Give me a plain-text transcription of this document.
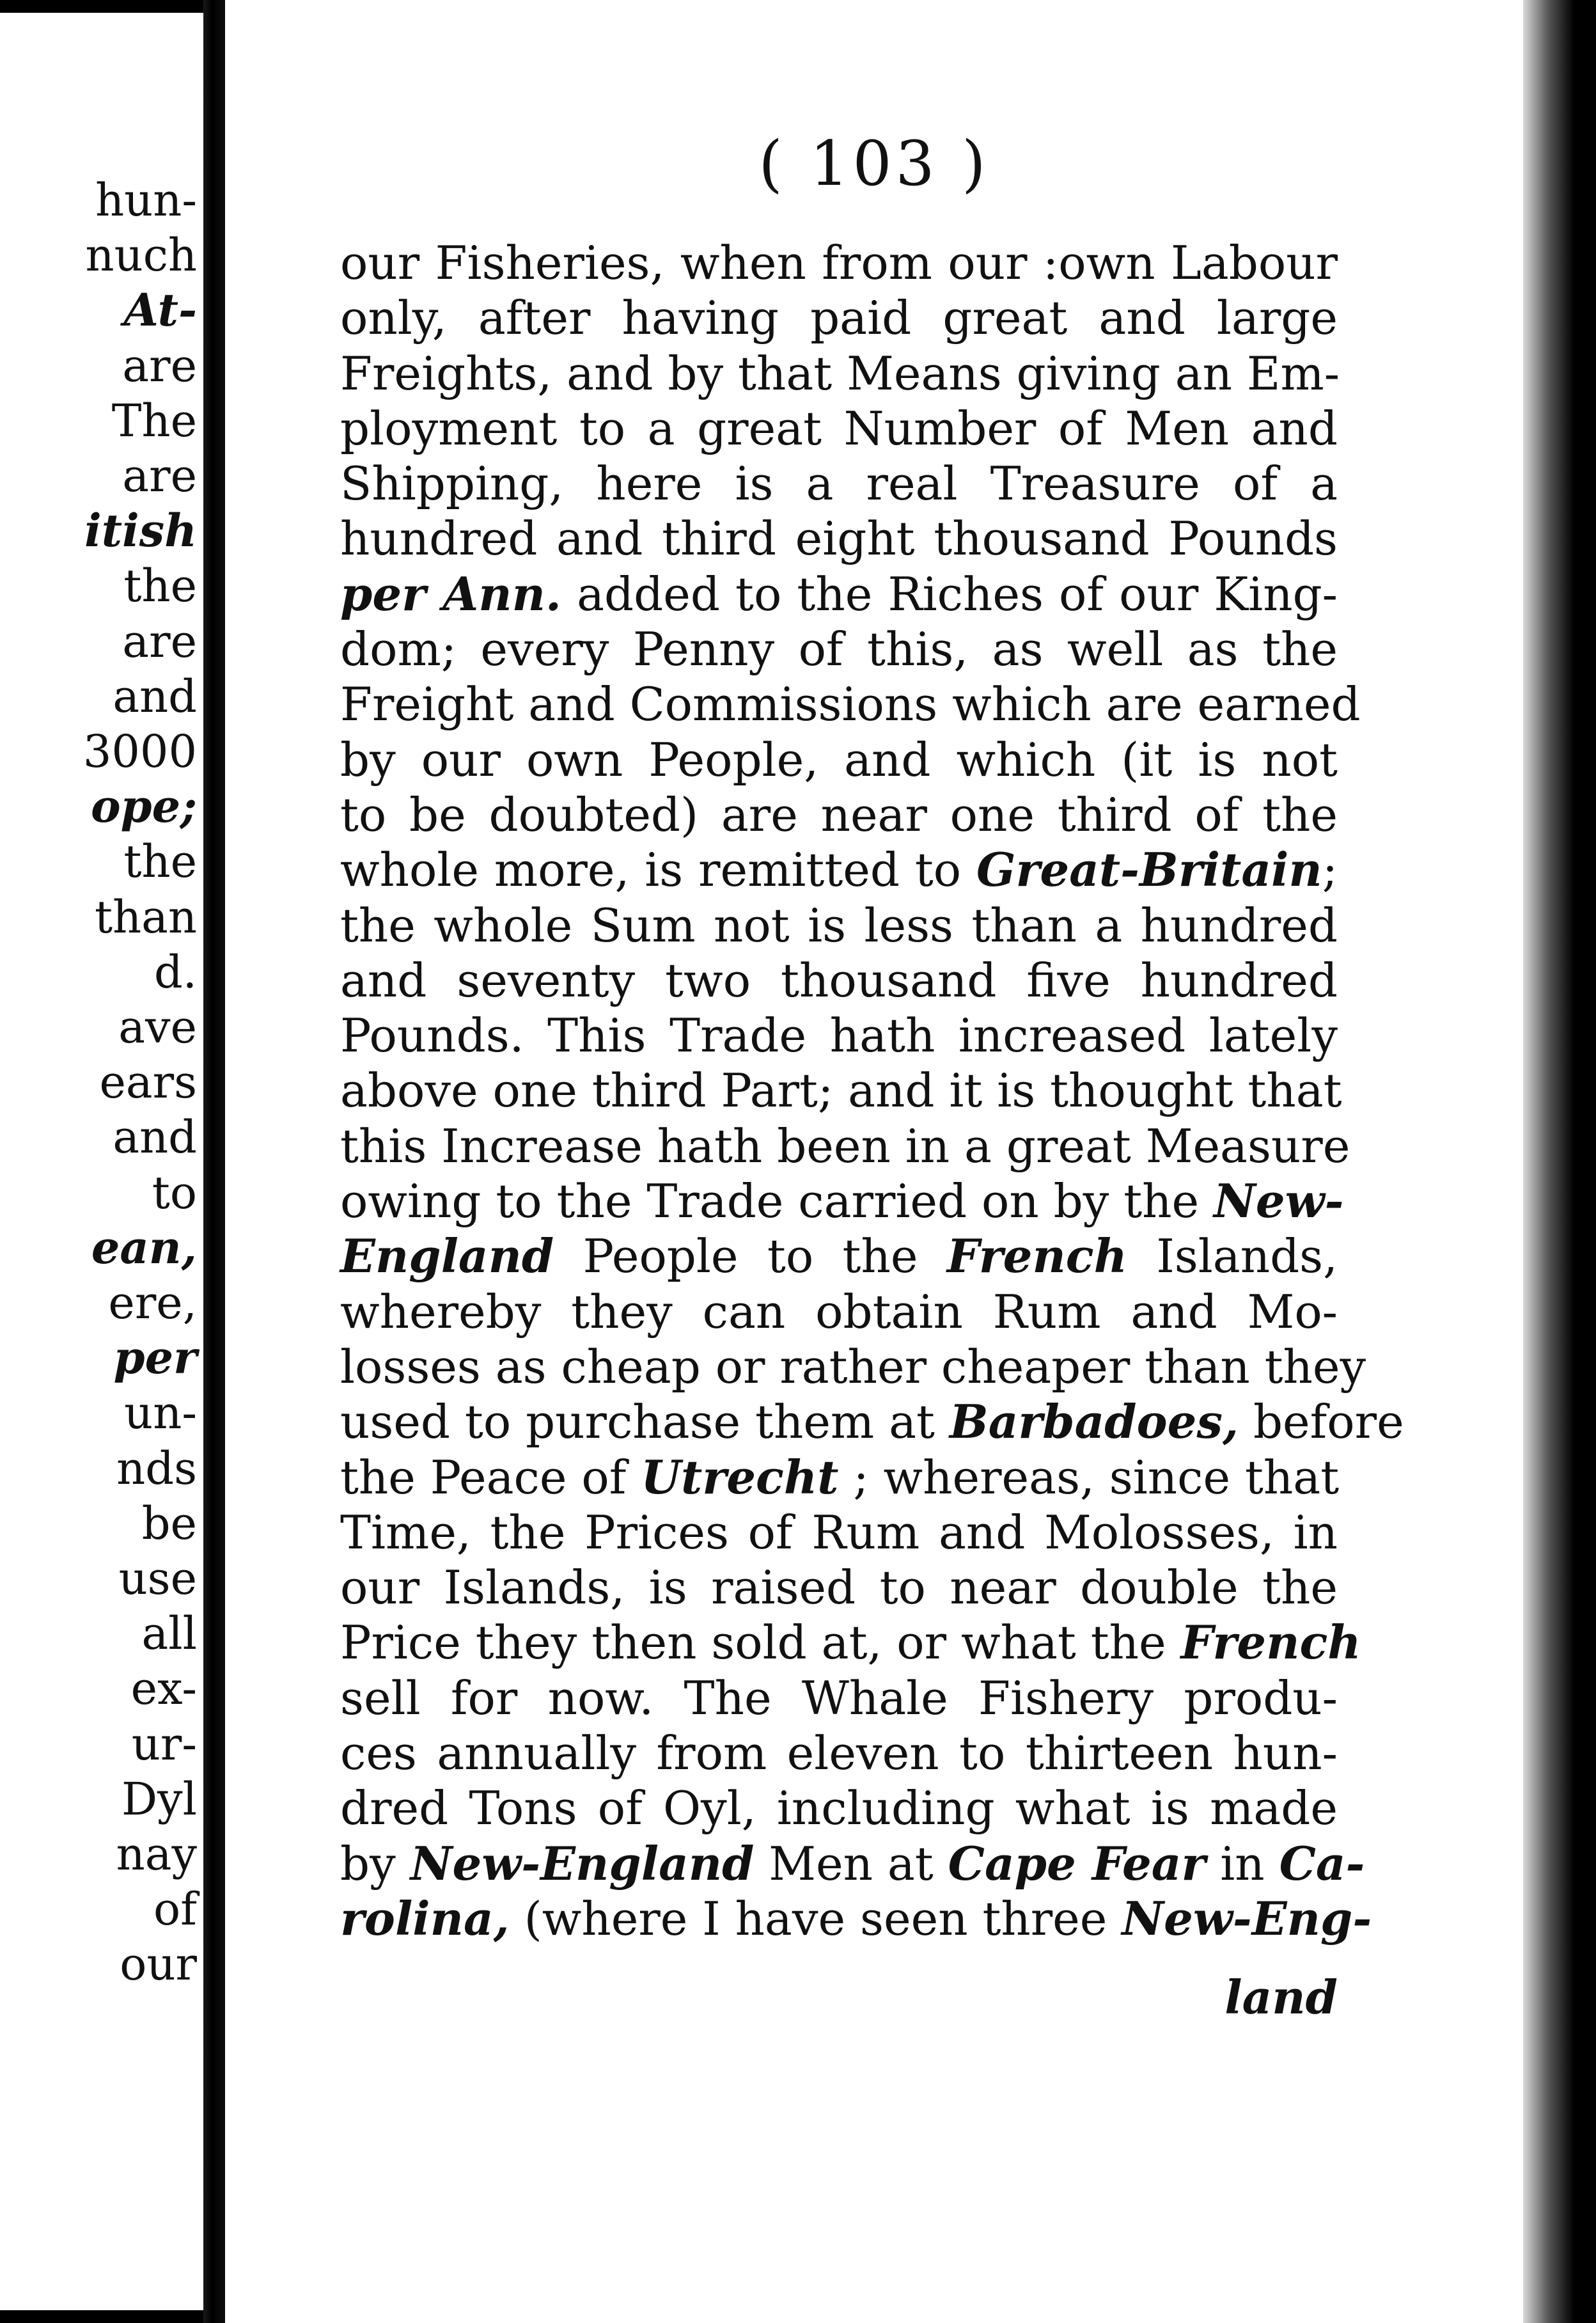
hun-
nuch
At-
are
The
are
itish
the
are
and
3000
ope;
the
than
d.
ave
ears
and
to
ean,
ere,
per
un-
nds
be
use
all
ex-
ur-
Dyl
nay
of
our
( 103 )
our Fisheries, when from our :own Labour
only, after having paid great and large
Freights, and by that Means giving an Em-
ployment to a great Number of Men and
Shipping, here is a real Treasure of a
hundred and third eight thousand Pounds
per Ann. added to the Riches of our King-
dom; every Penny of this, as well as the
Freight and Commissions which are earned
by our own People, and which (it is not
to be doubted) are near one third of the
whole more, is remitted to Great-Britain;
the whole Sum not is less than a hundred
and seventy two thousand five hundred
Pounds. This Trade hath increased lately
above one third Part; and it is thought that
this Increase hath been in a great Measure
owing to the Trade carried on by the New-
England People to the French Islands,
whereby they can obtain Rum and Mo-
losses as cheap or rather cheaper than they
used to purchase them at Barbadoes, before
the Peace of Utrecht ; whereas, since that
Time, the Prices of Rum and Molosses, in
our Islands, is raised to near double the
Price they then sold at, or what the French
sell for now. The Whale Fishery produ-
ces annually from eleven to thirteen hun-
dred Tons of Oyl, including what is made
by New-England Men at Cape Fear in Ca-
rolina, (where I have seen three New-Eng-
land
